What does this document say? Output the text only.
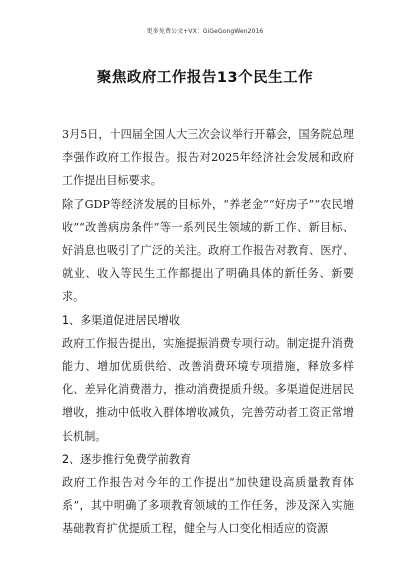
更多免费公文+VX：GiGeGongWen2016
聚焦政府工作报告13个民生工作

3月5日，十四届全国人大三次会议举行开幕会，国务院总理李强作政府工作报告。报告对2025年经济社会发展和政府工作提出目标要求。

除了GDP等经济发展的目标外，“养老金”“好房子”“农民增收”“改善病房条件”等一系列民生领域的新工作、新目标、好消息也吸引了广泛的关注。政府工作报告对教育、医疗、就业、收入等民生工作都提出了明确具体的新任务、新要求。

1、多渠道促进居民增收

政府工作报告提出，实施提振消费专项行动。制定提升消费能力、增加优质供给、改善消费环境专项措施，释放多样化、差异化消费潜力，推动消费提质升级。多渠道促进居民增收，推动中低收入群体增收减负，完善劳动者工资正常增长机制。

2、逐步推行免费学前教育

政府工作报告对今年的工作提出“加快建设高质量教育体系”，其中明确了多项教育领域的工作任务，涉及深入实施基础教育扩优提质工程，健全与人口变化相适应的资源
